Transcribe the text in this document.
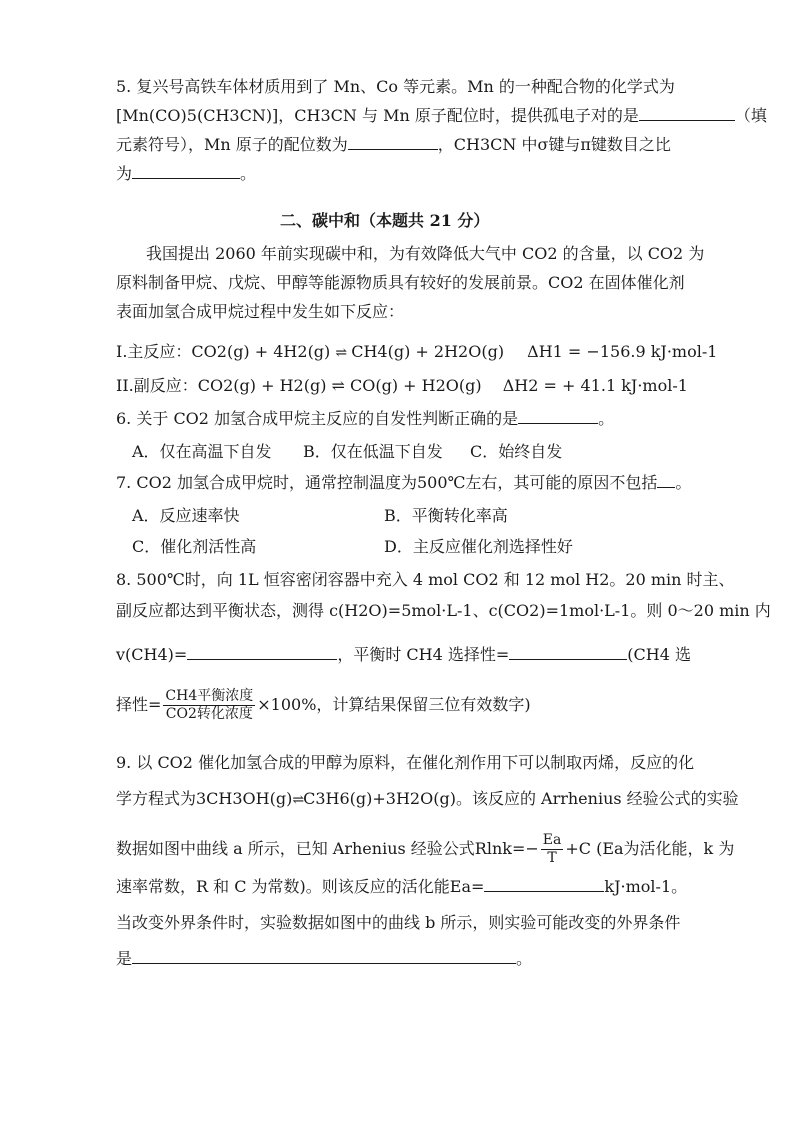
5. 复兴号高铁车体材质用到了 Mn、Co 等元素。Mn 的一种配合物的化学式为
[Mn(CO)5(CH3CN)]，CH3CN 与 Mn 原子配位时，提供孤电子对的是	（填
元素符号），Mn 原子的配位数为	，CH3CN 中σ键与π键数目之比
为	。
二、碳中和（本题共 21 分）
我国提出 2060 年前实现碳中和，为有效降低大气中 CO2 的含量，以 CO2 为
原料制备甲烷、戊烷、甲醇等能源物质具有较好的发展前景。CO2 在固体催化剂
表面加氢合成甲烷过程中发生如下反应：
I.主反应：CO2(g) + 4H2(g) ⇌ CH4(g) + 2H2O(g) ΔH1 = −156.9 kJ·mol-1
II.副反应：CO2(g) + H2(g) ⇌ CO(g) + H2O(g) ΔH2 = + 41.1 kJ·mol-1
6. 关于 CO2 加氢合成甲烷主反应的自发性判断正确的是	。
A．仅在高温下自发 B．仅在低温下自发 C．始终自发
7. CO2 加氢合成甲烷时，通常控制温度为500℃左右，其可能的原因不包括 。
A．反应速率快	B．平衡转化率高
C．催化剂活性高	D．主反应催化剂选择性好
8. 500℃时，向 1L 恒容密闭容器中充入 4 mol CO2 和 12 mol H2。20 min 时主、
副反应都达到平衡状态，测得 c(H2O)=5mol·L-1、c(CO2)=1mol·L-1。则 0～20 min 内
v(CH4)=	，平衡时 CH4 选择性=	(CH4 选
择性= $\frac{\text{CH4平衡浓度}}{\text{CO2转化浓度}} \times 100\%$，计算结果保留三位有效数字)
9. 以 CO2 催化加氢合成的甲醇为原料，在催化剂作用下可以制取丙烯，反应的化
学方程式为3CH3OH(g)⇌C3H6(g)+3H2O(g)。该反应的 Arrhenius 经验公式的实验
数据如图中曲线 a 所示，已知 Arhenius 经验公式$Rlnk=- \frac{Ea}{T} +C$ (Ea为活化能，k 为
速率常数，R 和 C 为常数)。则该反应的活化能Ea=	kJ·mol-1。
当改变外界条件时，实验数据如图中的曲线 b 所示，则实验可能改变的外界条件
是	。
